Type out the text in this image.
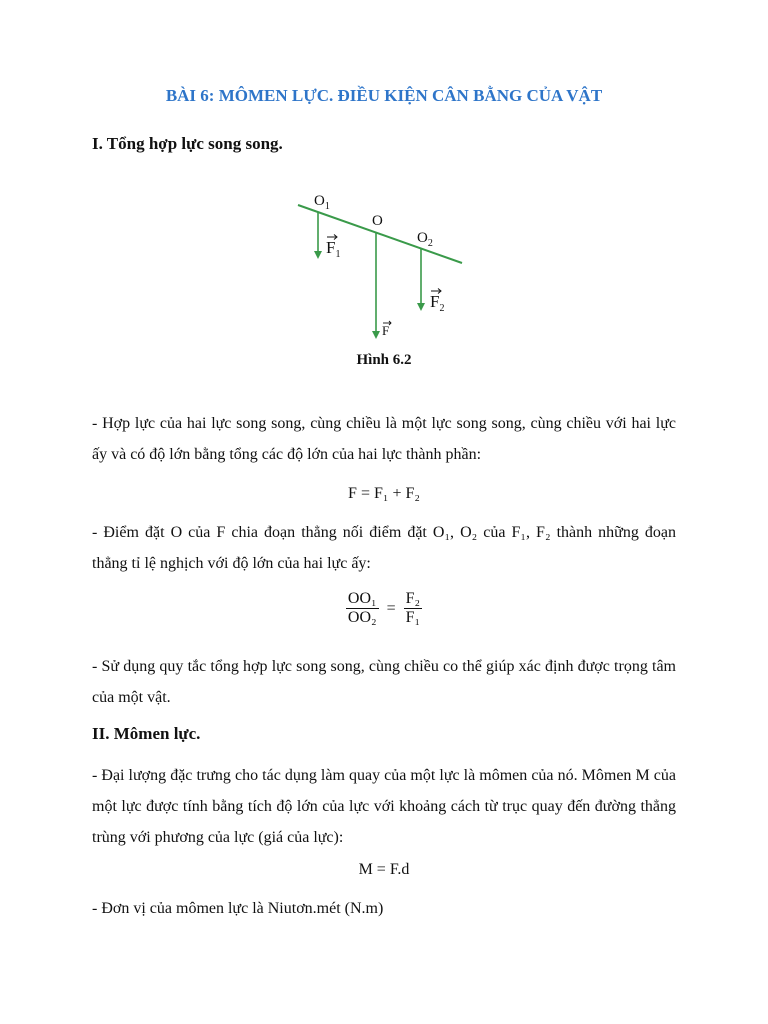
BÀI 6: MÔMEN LỰC. ĐIỀU KIỆN CÂN BẰNG CỦA VẬT
I. Tổng hợp lực song song.
$O_1$
O
$O_2$
$F_1$
$F_2$
F
Hình 6.2
- Hợp lực của hai lực song song, cùng chiều là một lực song song, cùng chiều với hai lực ấy và có độ lớn bằng tổng các độ lớn của hai lực thành phần:
F = F₁ + F₂
- Điểm đặt O của F chia đoạn thẳng nối điểm đặt O₁, O₂ của F₁, F₂ thành những đoạn thẳng tỉ lệ nghịch với độ lớn của hai lực ấy:
$\frac{\text{OO₁}}{\text{OO₂}} = \frac{\text{F₂}}{\text{F₁}}$
- Sử dụng quy tắc tổng hợp lực song song, cùng chiều co thể giúp xác định được trọng tâm của một vật.
II. Mômen lực.
- Đại lượng đặc trưng cho tác dụng làm quay của một lực là mômen của nó. Mômen M của một lực được tính bằng tích độ lớn của lực với khoảng cách từ trục quay đến đường thẳng trùng với phương của lực (giá của lực):
M = F.d
- Đơn vị của mômen lực là Niutơn.mét (N.m)
